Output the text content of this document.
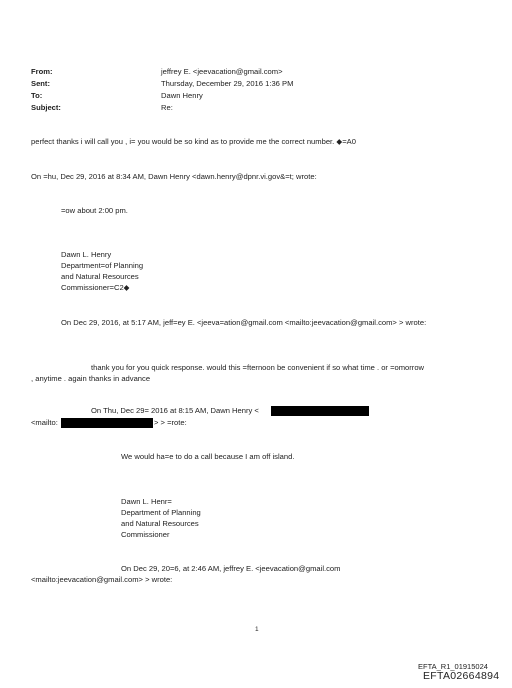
From:
Sent:
To:
Subject:
jeffrey E. <jeevacation@gmail.com>
Thursday, December 29, 2016 1:36 PM
Dawn Henry
Re:
perfect thanks i will call you , i= you would be so kind as to provide me the correct number. ◆=A0
On =hu, Dec 29, 2016 at 8:34 AM, Dawn Henry <dawn.henry@dpnr.vi.gov&=t; wrote:
=ow about 2:00 pm.
Dawn L. Henry
Department=of Planning
and Natural Resources
Commissioner=C2◆
On Dec 29, 2016, at 5:17 AM, jeff=ey E. <jeeva=ation@gmail.com <mailto:jeevacation@gmail.com> > wrote:
thank you for you quick response. would this =fternoon be convenient if so what time . or =omorrow
, anytime . again thanks in advance
On Thu, Dec 29= 2016 at 8:15 AM, Dawn Henry <
<mailto:	> > =rote:
We would ha=e to do a call because I am off island.
Dawn L. Henr=
Department of Planning
and Natural Resources
Commissioner
On Dec 29, 20=6, at 2:46 AM, jeffrey E. <jeevacation@gmail.com
<mailto:jeevacation@gmail.com> > wrote:
1
EFTA_R1_01915024
EFTA02664894
